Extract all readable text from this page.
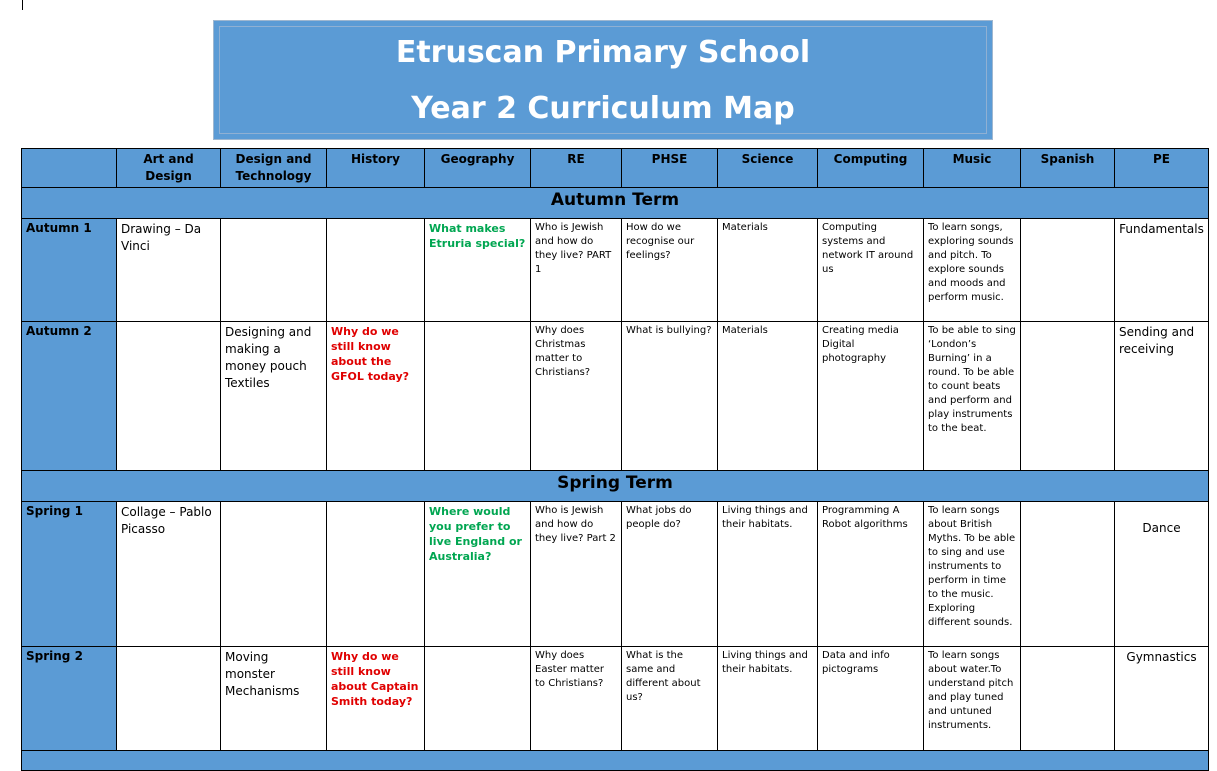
Etruscan Primary School
Year 2 Curriculum Map
	Art and Design	Design and Technology	History	Geography	RE	PHSE	Science	Computing	Music	Spanish	PE
Autumn Term											
Autumn 1	Drawing – Da Vinci			What makes Etruria special?	Who is Jewish and how do they live? PART 1	How do we recognise our feelings?	Materials	Computing systems and network IT around us	To learn songs, exploring sounds and pitch. To explore sounds and moods and perform music.		Fundamentals
Autumn 2		Designing and making a money pouch Textiles	Why do we still know about the GFOL today?		Why does Christmas matter to Christians?	What is bullying?	Materials	Creating media Digital photography	To be able to sing ‘London’s Burning’ in a round. To be able to count beats and perform and play instruments to the beat.		Sending and receiving
Spring Term											
Spring 1	Collage – Pablo Picasso			Where would you prefer to live England or Australia?	Who is Jewish and how do they live? Part 2	What jobs do people do?	Living things and their habitats.	Programming A Robot algorithms	To learn songs about British Myths. To be able to sing and use instruments to perform in time to the music. Exploring different sounds.		Dance
Spring 2		Moving monster Mechanisms	Why do we still know about Captain Smith today?		Why does Easter matter to Christians?	What is the same and different about us?	Living things and their habitats.	Data and info pictograms	To learn songs about water.To understand pitch and play tuned and untuned instruments.		Gymnastics
